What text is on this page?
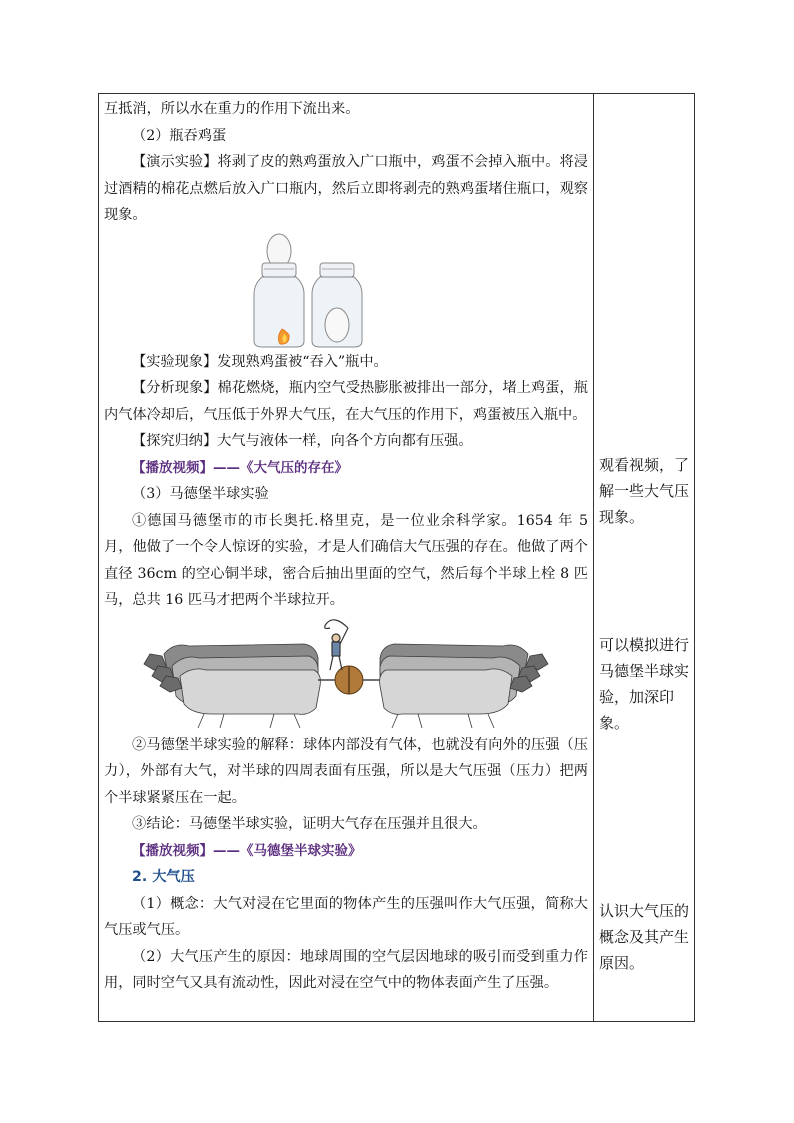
互抵消，所以水在重力的作用下流出来。

（2）瓶吞鸡蛋

【演示实验】将剥了皮的熟鸡蛋放入广口瓶中，鸡蛋不会掉入瓶中。将浸过酒精的棉花点燃后放入广口瓶内，然后立即将剥壳的熟鸡蛋堵住瓶口，观察现象。

【实验现象】发现熟鸡蛋被“吞入”瓶中。

【分析现象】棉花燃烧，瓶内空气受热膨胀被排出一部分，堵上鸡蛋，瓶内气体冷却后，气压低于外界大气压，在大气压的作用下，鸡蛋被压入瓶中。

【探究归纳】大气与液体一样，向各个方向都有压强。

【播放视频】——《大气压的存在》

（3）马德堡半球实验

①德国马德堡市的市长奥托.格里克，是一位业余科学家。1654 年 5 月，他做了一个令人惊讶的实验，才是人们确信大气压强的存在。他做了两个直径 36cm 的空心铜半球，密合后抽出里面的空气，然后每个半球上栓 8 匹马，总共 16 匹马才把两个半球拉开。

②马德堡半球实验的解释：球体内部没有气体，也就没有向外的压强（压力），外部有大气，对半球的四周表面有压强，所以是大气压强（压力）把两个半球紧紧压在一起。

③结论：马德堡半球实验，证明大气存在压强并且很大。

【播放视频】——《马德堡半球实验》

2. 大气压

（1）概念：大气对浸在它里面的物体产生的压强叫作大气压强，简称大气压或气压。

（2）大气压产生的原因：地球周围的空气层因地球的吸引而受到重力作用，同时空气又具有流动性，因此对浸在空气中的物体表面产生了压强。

观看视频，了解一些大气压现象。
可以模拟进行马德堡半球实验，加深印象。
认识大气压的概念及其产生原因。
